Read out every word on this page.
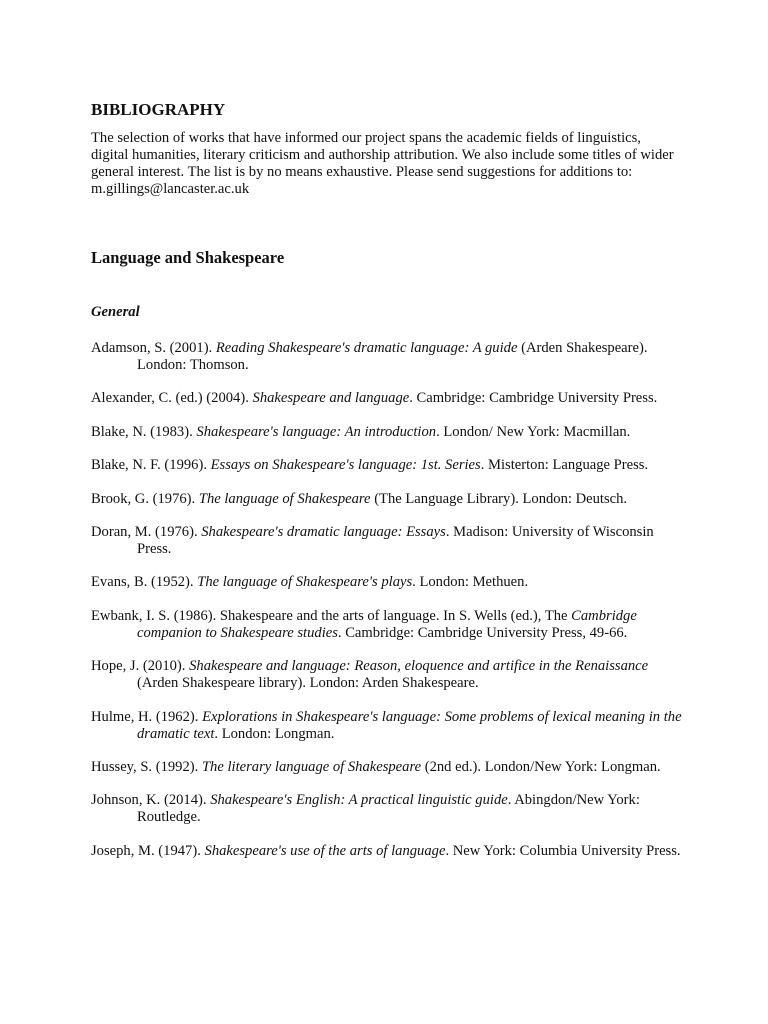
BIBLIOGRAPHY

The selection of works that have informed our project spans the academic fields of linguistics, digital humanities, literary criticism and authorship attribution. We also include some titles of wider general interest. The list is by no means exhaustive. Please send suggestions for additions to: m.gillings@lancaster.ac.uk

Language and Shakespeare
General
Adamson, S. (2001). Reading Shakespeare's dramatic language: A guide (Arden Shakespeare). London: Thomson.
Alexander, C. (ed.) (2004). Shakespeare and language. Cambridge: Cambridge University Press.
Blake, N. (1983). Shakespeare's language: An introduction. London/ New York: Macmillan.
Blake, N. F. (1996). Essays on Shakespeare's language: 1st. Series. Misterton: Language Press.
Brook, G. (1976). The language of Shakespeare (The Language Library). London: Deutsch.
Doran, M. (1976). Shakespeare's dramatic language: Essays. Madison: University of Wisconsin Press.
Evans, B. (1952). The language of Shakespeare's plays. London: Methuen.
Ewbank, I. S. (1986). Shakespeare and the arts of language. In S. Wells (ed.), The Cambridge companion to Shakespeare studies. Cambridge: Cambridge University Press, 49-66.
Hope, J. (2010). Shakespeare and language: Reason, eloquence and artifice in the Renaissance (Arden Shakespeare library). London: Arden Shakespeare.
Hulme, H. (1962). Explorations in Shakespeare's language: Some problems of lexical meaning in the dramatic text. London: Longman.
Hussey, S. (1992). The literary language of Shakespeare (2nd ed.). London/New York: Longman.
Johnson, K. (2014). Shakespeare's English: A practical linguistic guide. Abingdon/New York: Routledge.
Joseph, M. (1947). Shakespeare's use of the arts of language. New York: Columbia University Press.
